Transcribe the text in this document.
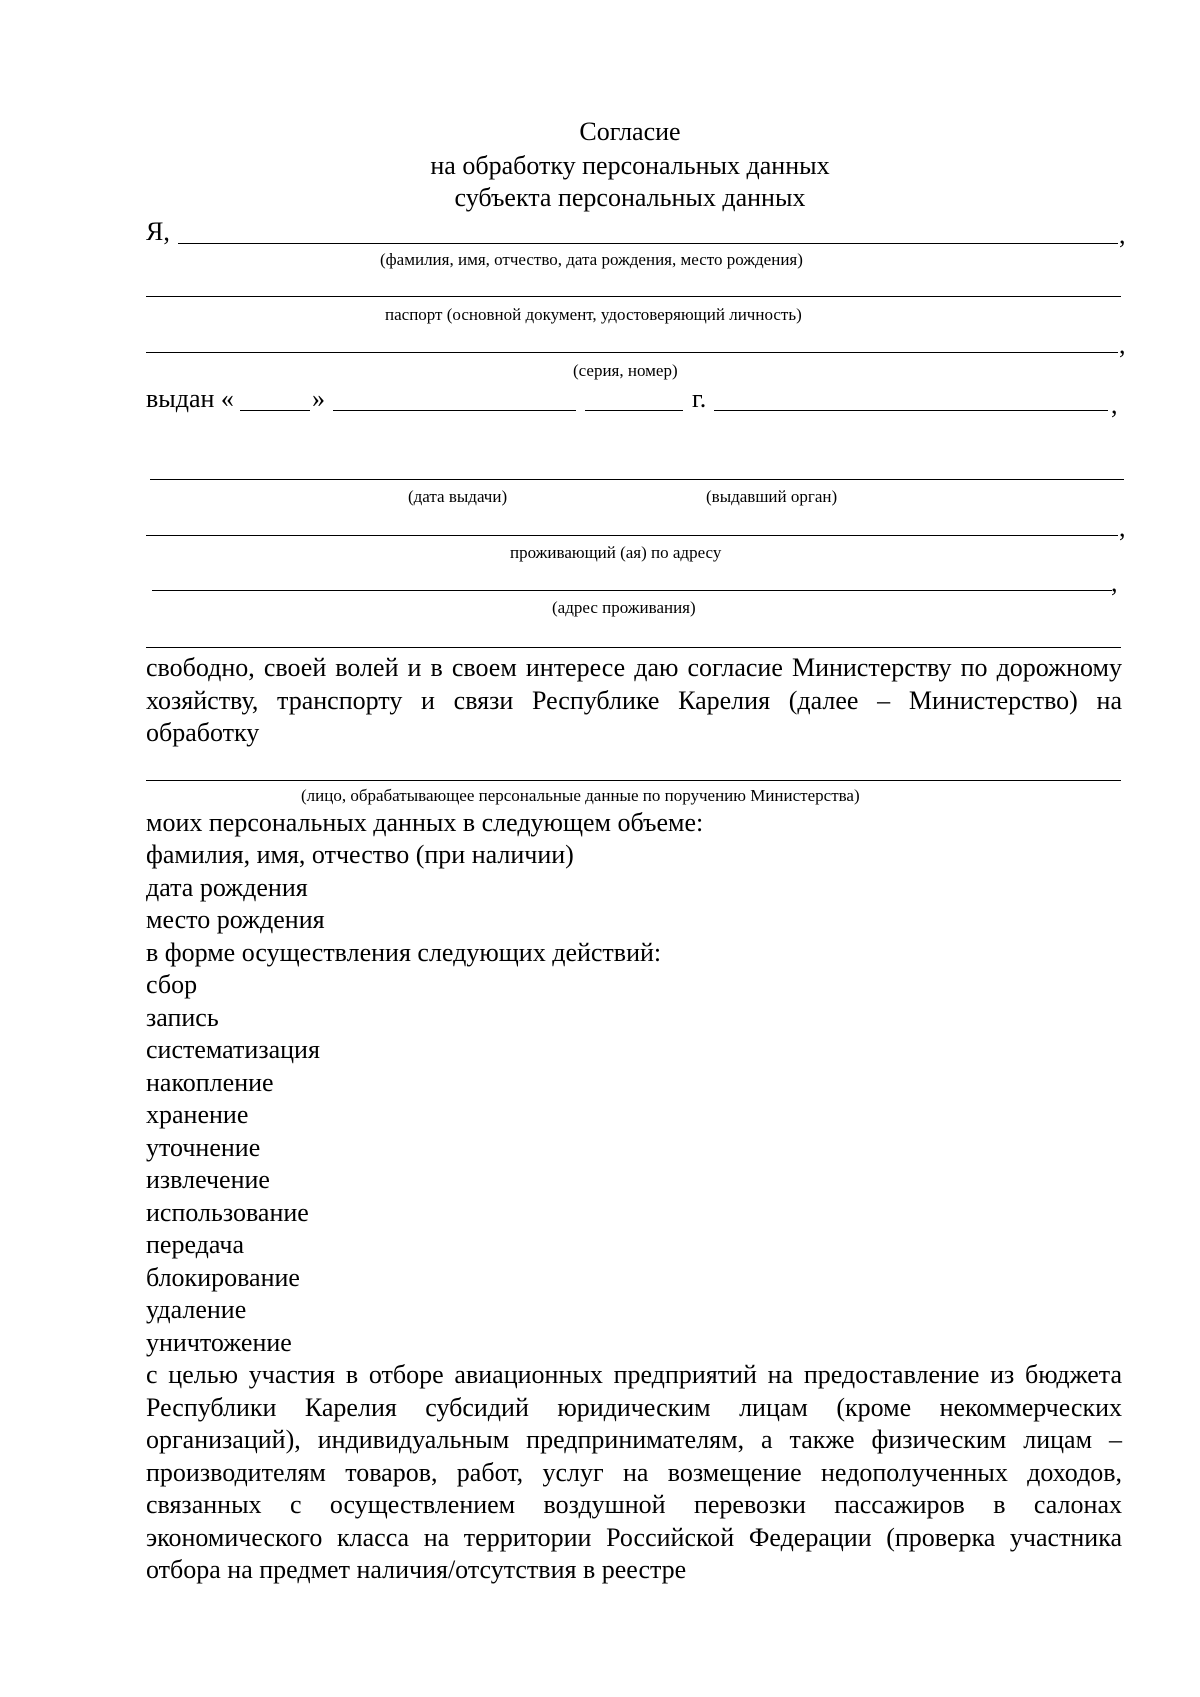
Согласие
на обработку персональных данных
субъекта персональных данных
Я,	,
(фамилия, имя, отчество, дата рождения, место рождения)
паспорт (основной документ, удостоверяющий личность)
,
(серия, номер)
выдан «	»	г.	,
(дата выдачи)	(выдавший орган)
,
проживающий (ая) по адресу
,
(адрес проживания)
свободно, своей волей и в своем интересе даю согласие Министерству по дорожному хозяйству, транспорту и связи Республике Карелия (далее – Министерство) на обработку
(лицо, обрабатывающее персональные данные по поручению Министерства)
моих персональных данных в следующем объеме:
фамилия, имя, отчество (при наличии)
дата рождения
место рождения
в форме осуществления следующих действий:
сбор
запись
систематизация
накопление
хранение
уточнение
извлечение
использование
передача
блокирование
удаление
уничтожение
с целью участия в отборе авиационных предприятий на предоставление из бюджета Республики Карелия субсидий юридическим лицам (кроме некоммерческих организаций), индивидуальным предпринимателям, а также физическим лицам – производителям товаров, работ, услуг на возмещение недополученных доходов, связанных с осуществлением воздушной перевозки пассажиров в салонах экономического класса на территории Российской Федерации (проверка участника отбора на предмет наличия/отсутствия в реестре
